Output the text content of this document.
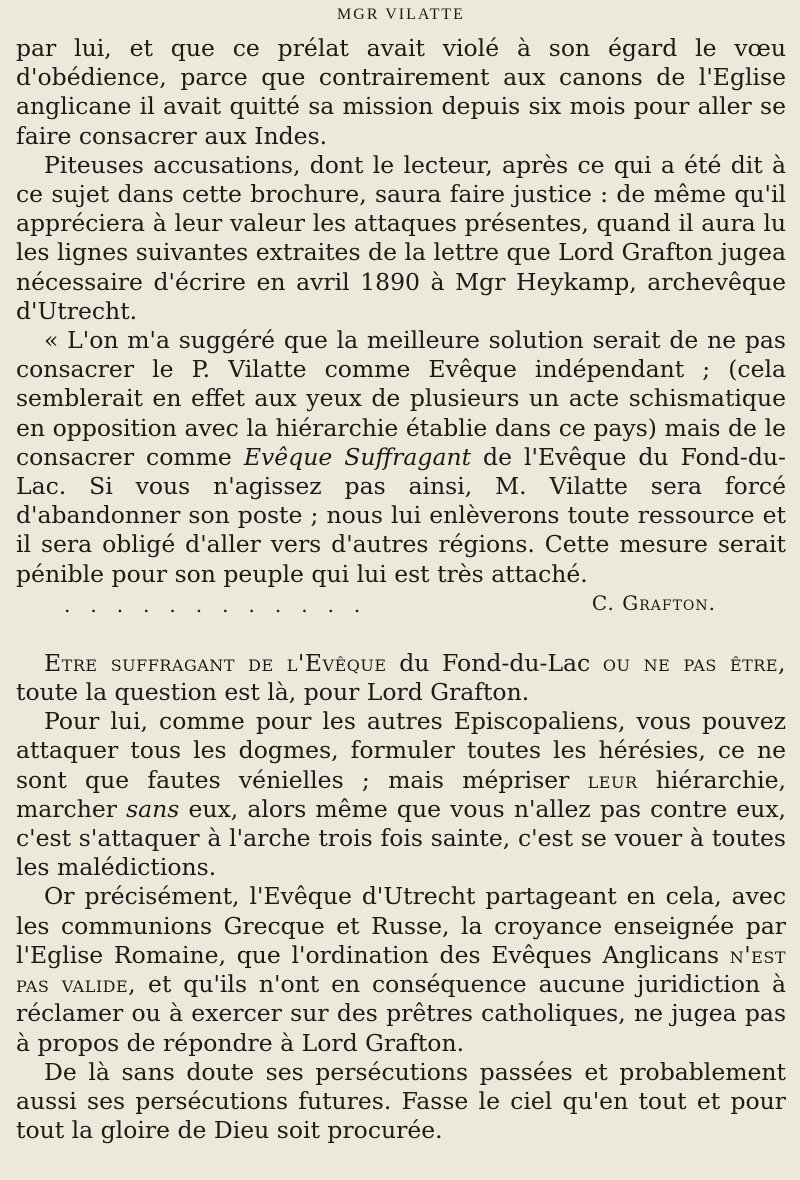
MGR VILATTE

par lui, et que ce prélat avait violé à son égard le vœu d'obédience, parce que contrairement aux canons de l'Eglise anglicane il avait quitté sa mission depuis six mois pour aller se faire consacrer aux Indes.

Piteuses accusations, dont le lecteur, après ce qui a été dit à ce sujet dans cette brochure, saura faire justice : de même qu'il appréciera à leur valeur les attaques présentes, quand il aura lu les lignes suivantes extraites de la lettre que Lord Grafton jugea nécessaire d'écrire en avril 1890 à Mgr Heykamp, archevêque d'Utrecht.

« L'on m'a suggéré que la meilleure solution serait de ne pas consacrer le P. Vilatte comme Evêque indépendant ; (cela semblerait en effet aux yeux de plusieurs un acte schismatique en opposition avec la hiérarchie établie dans ce pays) mais de le consacrer comme Evêque Suffragant de l'Evêque du Fond-du-Lac. Si vous n'agissez pas ainsi, M. Vilatte sera forcé d'abandonner son poste ; nous lui enlèverons toute ressource et il sera obligé d'aller vers d'autres régions. Cette mesure serait pénible pour son peuple qui lui est très attaché.

............	C. Grafton.

Etre suffragant de l'Evêque du Fond-du-Lac ou ne pas être, toute la question est là, pour Lord Grafton.

Pour lui, comme pour les autres Episcopaliens, vous pouvez attaquer tous les dogmes, formuler toutes les hérésies, ce ne sont que fautes vénielles ; mais mépriser leur hiérarchie, marcher sans eux, alors même que vous n'allez pas contre eux, c'est s'attaquer à l'arche trois fois sainte, c'est se vouer à toutes les malédictions.

Or précisément, l'Evêque d'Utrecht partageant en cela, avec les communions Grecque et Russe, la croyance enseignée par l'Eglise Romaine, que l'ordination des Evêques Anglicans n'est pas valide, et qu'ils n'ont en conséquence aucune juridiction à réclamer ou à exercer sur des prêtres catholiques, ne jugea pas à propos de répondre à Lord Grafton.

De là sans doute ses persécutions passées et probablement aussi ses persécutions futures. Fasse le ciel qu'en tout et pour tout la gloire de Dieu soit procurée.
